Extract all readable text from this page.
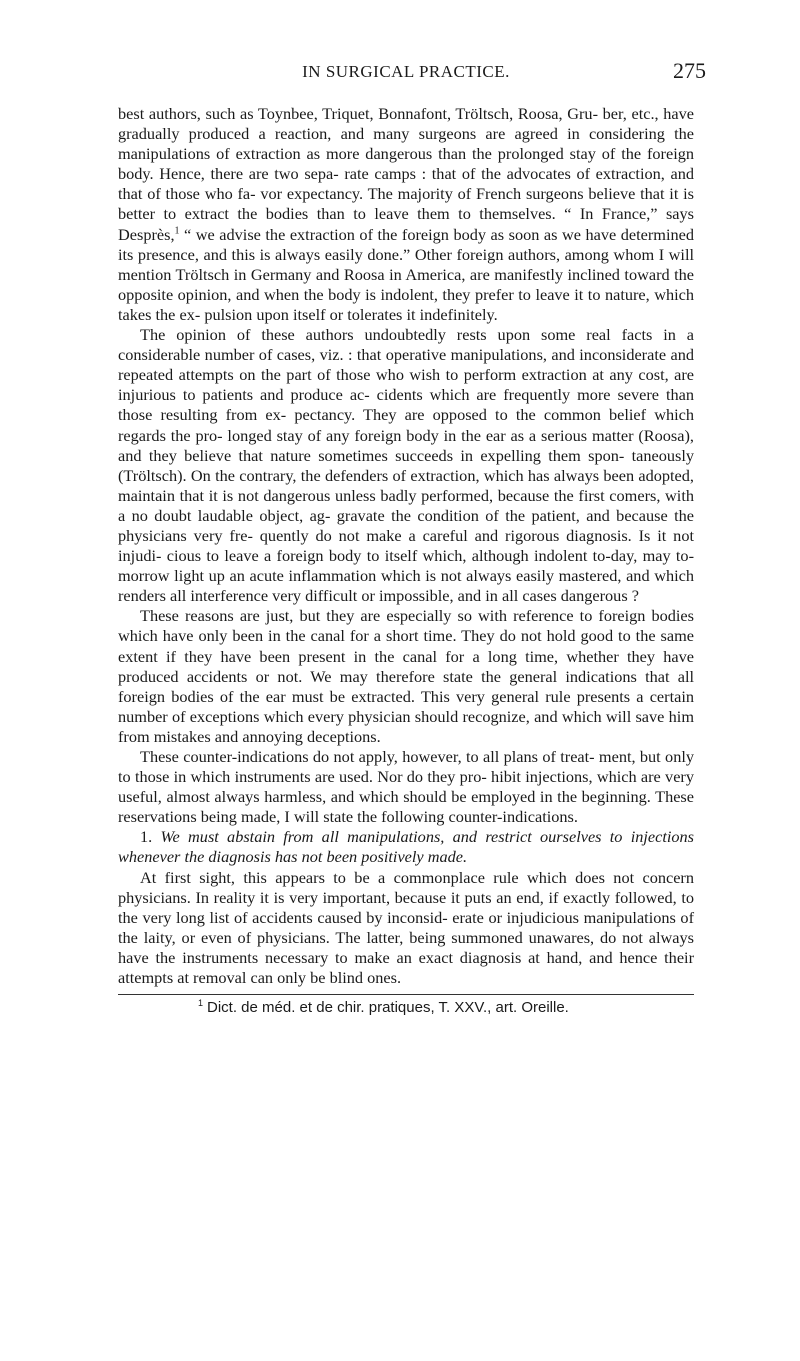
IN SURGICAL PRACTICE.	275

best authors, such as Toynbee, Triquet, Bonnafont, Tröltsch, Roosa, Gru- ber, etc., have gradually produced a reaction, and many surgeons are agreed in considering the manipulations of extraction as more dangerous than the prolonged stay of the foreign body. Hence, there are two sepa- rate camps : that of the advocates of extraction, and that of those who fa- vor expectancy. The majority of French surgeons believe that it is better to extract the bodies than to leave them to themselves. “ In France,” says Desprès,$^1$ “ we advise the extraction of the foreign body as soon as we have determined its presence, and this is always easily done.” Other foreign authors, among whom I will mention Tröltsch in Germany and Roosa in America, are manifestly inclined toward the opposite opinion, and when the body is indolent, they prefer to leave it to nature, which takes the ex- pulsion upon itself or tolerates it indefinitely.

The opinion of these authors undoubtedly rests upon some real facts in a considerable number of cases, viz. : that operative manipulations, and inconsiderate and repeated attempts on the part of those who wish to perform extraction at any cost, are injurious to patients and produce ac- cidents which are frequently more severe than those resulting from ex- pectancy. They are opposed to the common belief which regards the pro- longed stay of any foreign body in the ear as a serious matter (Roosa), and they believe that nature sometimes succeeds in expelling them spon- taneously (Tröltsch). On the contrary, the defenders of extraction, which has always been adopted, maintain that it is not dangerous unless badly performed, because the first comers, with a no doubt laudable object, ag- gravate the condition of the patient, and because the physicians very fre- quently do not make a careful and rigorous diagnosis. Is it not injudi- cious to leave a foreign body to itself which, although indolent to-day, may to-morrow light up an acute inflammation which is not always easily mastered, and which renders all interference very difficult or impossible, and in all cases dangerous ?

These reasons are just, but they are especially so with reference to foreign bodies which have only been in the canal for a short time. They do not hold good to the same extent if they have been present in the canal for a long time, whether they have produced accidents or not. We may therefore state the general indications that all foreign bodies of the ear must be extracted. This very general rule presents a certain number of exceptions which every physician should recognize, and which will save him from mistakes and annoying deceptions.

These counter-indications do not apply, however, to all plans of treat- ment, but only to those in which instruments are used. Nor do they pro- hibit injections, which are very useful, almost always harmless, and which should be employed in the beginning. These reservations being made, I will state the following counter-indications.

1. We must abstain from all manipulations, and restrict ourselves to injections whenever the diagnosis has not been positively made.

At first sight, this appears to be a commonplace rule which does not concern physicians. In reality it is very important, because it puts an end, if exactly followed, to the very long list of accidents caused by inconsid- erate or injudicious manipulations of the laity, or even of physicians. The latter, being summoned unawares, do not always have the instruments necessary to make an exact diagnosis at hand, and hence their attempts at removal can only be blind ones.

$^1$ Dict. de méd. et de chir. pratiques, T. XXV., art. Oreille.
